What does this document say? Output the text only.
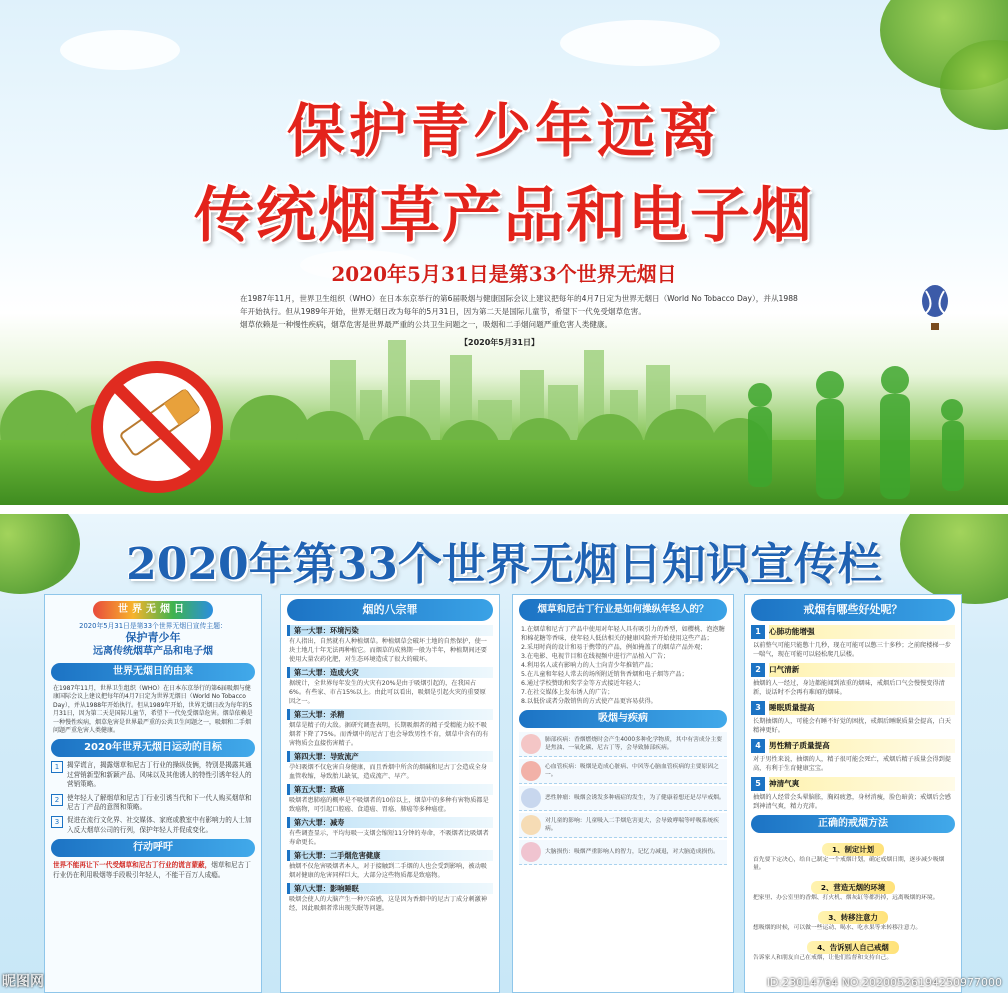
保护青少年远离
传统烟草产品和电子烟
2020年5月31日是第33个世界无烟日

在1987年11月，世界卫生组织（WHO）在日本东京举行的第6届吸烟与健康国际会议上建议把每年的4月7日定为世界无烟日（World No Tobacco Day），并从1988年开始执行。但从1989年开始，世界无烟日改为每年的5月31日，因为第二天是国际儿童节，希望下一代免受烟草危害。

烟草依赖是一种慢性疾病，烟草危害是世界最严重的公共卫生问题之一，吸烟和二手烟问题严重危害人类健康。

【2020年5月31日】
2020年第33个世界无烟日知识宣传栏
世界无烟日
2020年5月31日是第33个世界无烟日宣传主题：
保护青少年
远离传统烟草产品和电子烟
世界无烟日的由来

在1987年11月，世界卫生组织（WHO）在日本东京举行的第6届吸烟与健康国际会议上建议把每年的4月7日定为世界无烟日（World No Tobacco Day），并从1988年开始执行。但从1989年开始，世界无烟日改为每年的5月31日，因为第二天是国际儿童节，希望下一代免受烟草危害。烟草依赖是一种慢性疾病，烟草危害是世界最严重的公共卫生问题之一，吸烟和二手烟问题严重危害人类健康。

2020年世界无烟日运动的目标
1	揭穿谎言，揭露烟草和尼古丁行业的操纵伎俩，特别是揭露其通过营销新型和新颖产品、风味以及其他诱人的特性引诱年轻人的营销策略。
2	使年轻人了解烟草和尼古丁行业引诱当代和下一代人购买烟草和尼古丁产品的意图和策略。
3	促进在流行文化界、社交媒体、家庭或教室中有影响力的人士加入反大烟草公司的行列，保护年轻人并促成变化。
行动呼吁

世界不能再让下一代受烟草和尼古丁行业的谎言蒙蔽，烟草和尼古丁行业仍在利用吸烟等手段吸引年轻人，不能干百万人成瘾。

烟的八宗罪
第一大罪：环境污染

有人指出，自然就有人种植烟草。种植烟草会破坏土地的自然保护，使一块土地几十年无法再种植它。而烟草的成熟期一般为半年，种植期间还要使用大量农药化肥，对生态环境造成了很大的破坏。

第二大罪：造成火灾

据统计，全世界每年发生的火灾有20%是由于吸烟引起的，在我国占6%。有些家、市占15%以上。由此可以看出，吸烟是引起火灾的重要原因之一。

第三大罪：杀精

烟草是精子的大敌。据研究调查表明，长期吸烟者的精子受精能力较不吸烟者下降了75%。而香烟中的尼古丁也会导致男性不育，烟草中含有的有害物质会直接伤害精子。

第四大罪：导致流产

孕妇吸烟不仅危害自身健康，而且香烟中所含的烟碱和尼古丁会造成全身血管收缩，导致胎儿缺氧，造成流产、早产。

第五大罪：致癌

吸烟者患肺癌的概率是不吸烟者的10倍以上，烟草中的多种有害物质都是致癌物，可引起口腔癌、食道癌、胃癌、肺癌等多种癌症。

第六大罪：减寿

有些调查显示，平均每吸一支烟会缩短11分钟的寿命，不吸烟者比吸烟者寿命更长。

第七大罪：二手烟危害健康

抽烟不仅危害吸烟者本人，对于接触到二手烟的人也会受到影响，被动吸烟对健康的危害同样巨大，大部分这些物质都是致癌物。

第八大罪：影响睡眠

吸烟会使人的大脑产生一种兴奋感，这是因为香烟中的尼古丁成分刺激神经，因此吸烟者常出现失眠等问题。

烟草和尼古丁行业是如何操纵年轻人的？

1.在烟草和尼古丁产品中使用对年轻人具有吸引力的香型，如樱桃、泡泡糖和棉花糖等香味，使年轻人低估相关的健康风险并开始使用这些产品；

2.采用时尚的设计和易于携带的产品，例如掩盖了的烟草产品外观；

3.在电影、电视节目和在线视频中进行产品植入广告；

4.利用名人或有影响力的人士向青少年推销产品；

5.在儿童和年轻人常去的场所附近销售香烟和电子烟等产品；

6.通过学校赞助和奖学金等方式接近年轻人；

7.在社交媒体上发布诱人的广告；

8.以低价或者分散销售的方式使产品更容易获得。

吸烟与疾病
肺部疾病：香烟燃烧时会产生4000多种化学物质，其中有害成分主要是焦油、一氧化碳、尼古丁等，会导致肺部疾病。
心血管疾病：吸烟是造成心脏病、中风等心脑血管疾病的主要原因之一。
恶性肿瘤：吸烟会诱发多种癌症的发生，为了健康着想还是尽早戒烟。
对儿童的影响：儿童吸入二手烟危害更大，会导致哮喘等呼吸系统疾病。
大脑损伤：吸烟严重影响人的智力，记忆力减退，对大脑造成损伤。
戒烟有哪些好处呢？
1	心肺功能增强

以前整气可能只能憋十几秒，现在可能可以憋三十多秒；之前爬楼梯一步一喘气，现在可能可以轻松爬几层楼。

2	口气清新

抽烟的人一经过，身边都能闻到浓重的烟味，戒烟后口气会慢慢变得清新，说话时不会再有难闻的烟味。

3	睡眠质量提高

长期抽烟的人，可能会有睡不好觉的困扰，戒烟后睡眠质量会提高，白天精神更好。

4	男性精子质量提高

对于男性来说，抽烟的人，精子很可能会死亡，戒烟后精子质量会得到提高，有利于生育健康宝宝。

5	神清气爽

抽烟的人经常会头晕脑胀，胸闷疲惫，身材消瘦，脸色暗黄；戒烟后会感到神清气爽，精力充沛。

正确的戒烟方法
1、制定计划

首先要下定决心，给自己制定一个戒烟计划，确定戒烟日期，逐步减少吸烟量。

2、营造无烟的环境

把家里、办公室里的香烟、打火机、烟灰缸等都扔掉，远离吸烟的环境。

3、转移注意力

想吸烟的时候，可以做一些运动、喝水、吃水果等来转移注意力。

4、告诉别人自己戒烟

告诉家人和朋友自己在戒烟，让他们监督和支持自己。

昵图网	ID:23014764 NO:20200526194250977000
